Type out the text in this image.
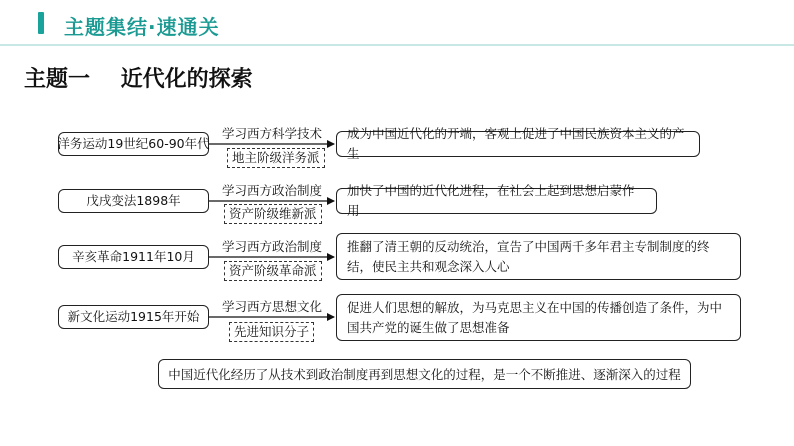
主题集结·速通关
主题一    近代化的探索
洋务运动19世纪60-90年代
学习西方科学技术
地主阶级洋务派
成为中国近代化的开端，客观上促进了中国民族资本主义的产生
戊戌变法1898年
学习西方政治制度
资产阶级维新派
加快了中国的近代化进程，在社会上起到思想启蒙作用
辛亥革命1911年10月
学习西方政治制度
资产阶级革命派
推翻了清王朝的反动统治，宣告了中国两千多年君主专制制度的终结，使民主共和观念深入人心
新文化运动1915年开始
学习西方思想文化
先进知识分子
促进人们思想的解放，为马克思主义在中国的传播创造了条件，为中国共产党的诞生做了思想准备
中国近代化经历了从技术到政治制度再到思想文化的过程，是一个不断推进、逐渐深入的过程
